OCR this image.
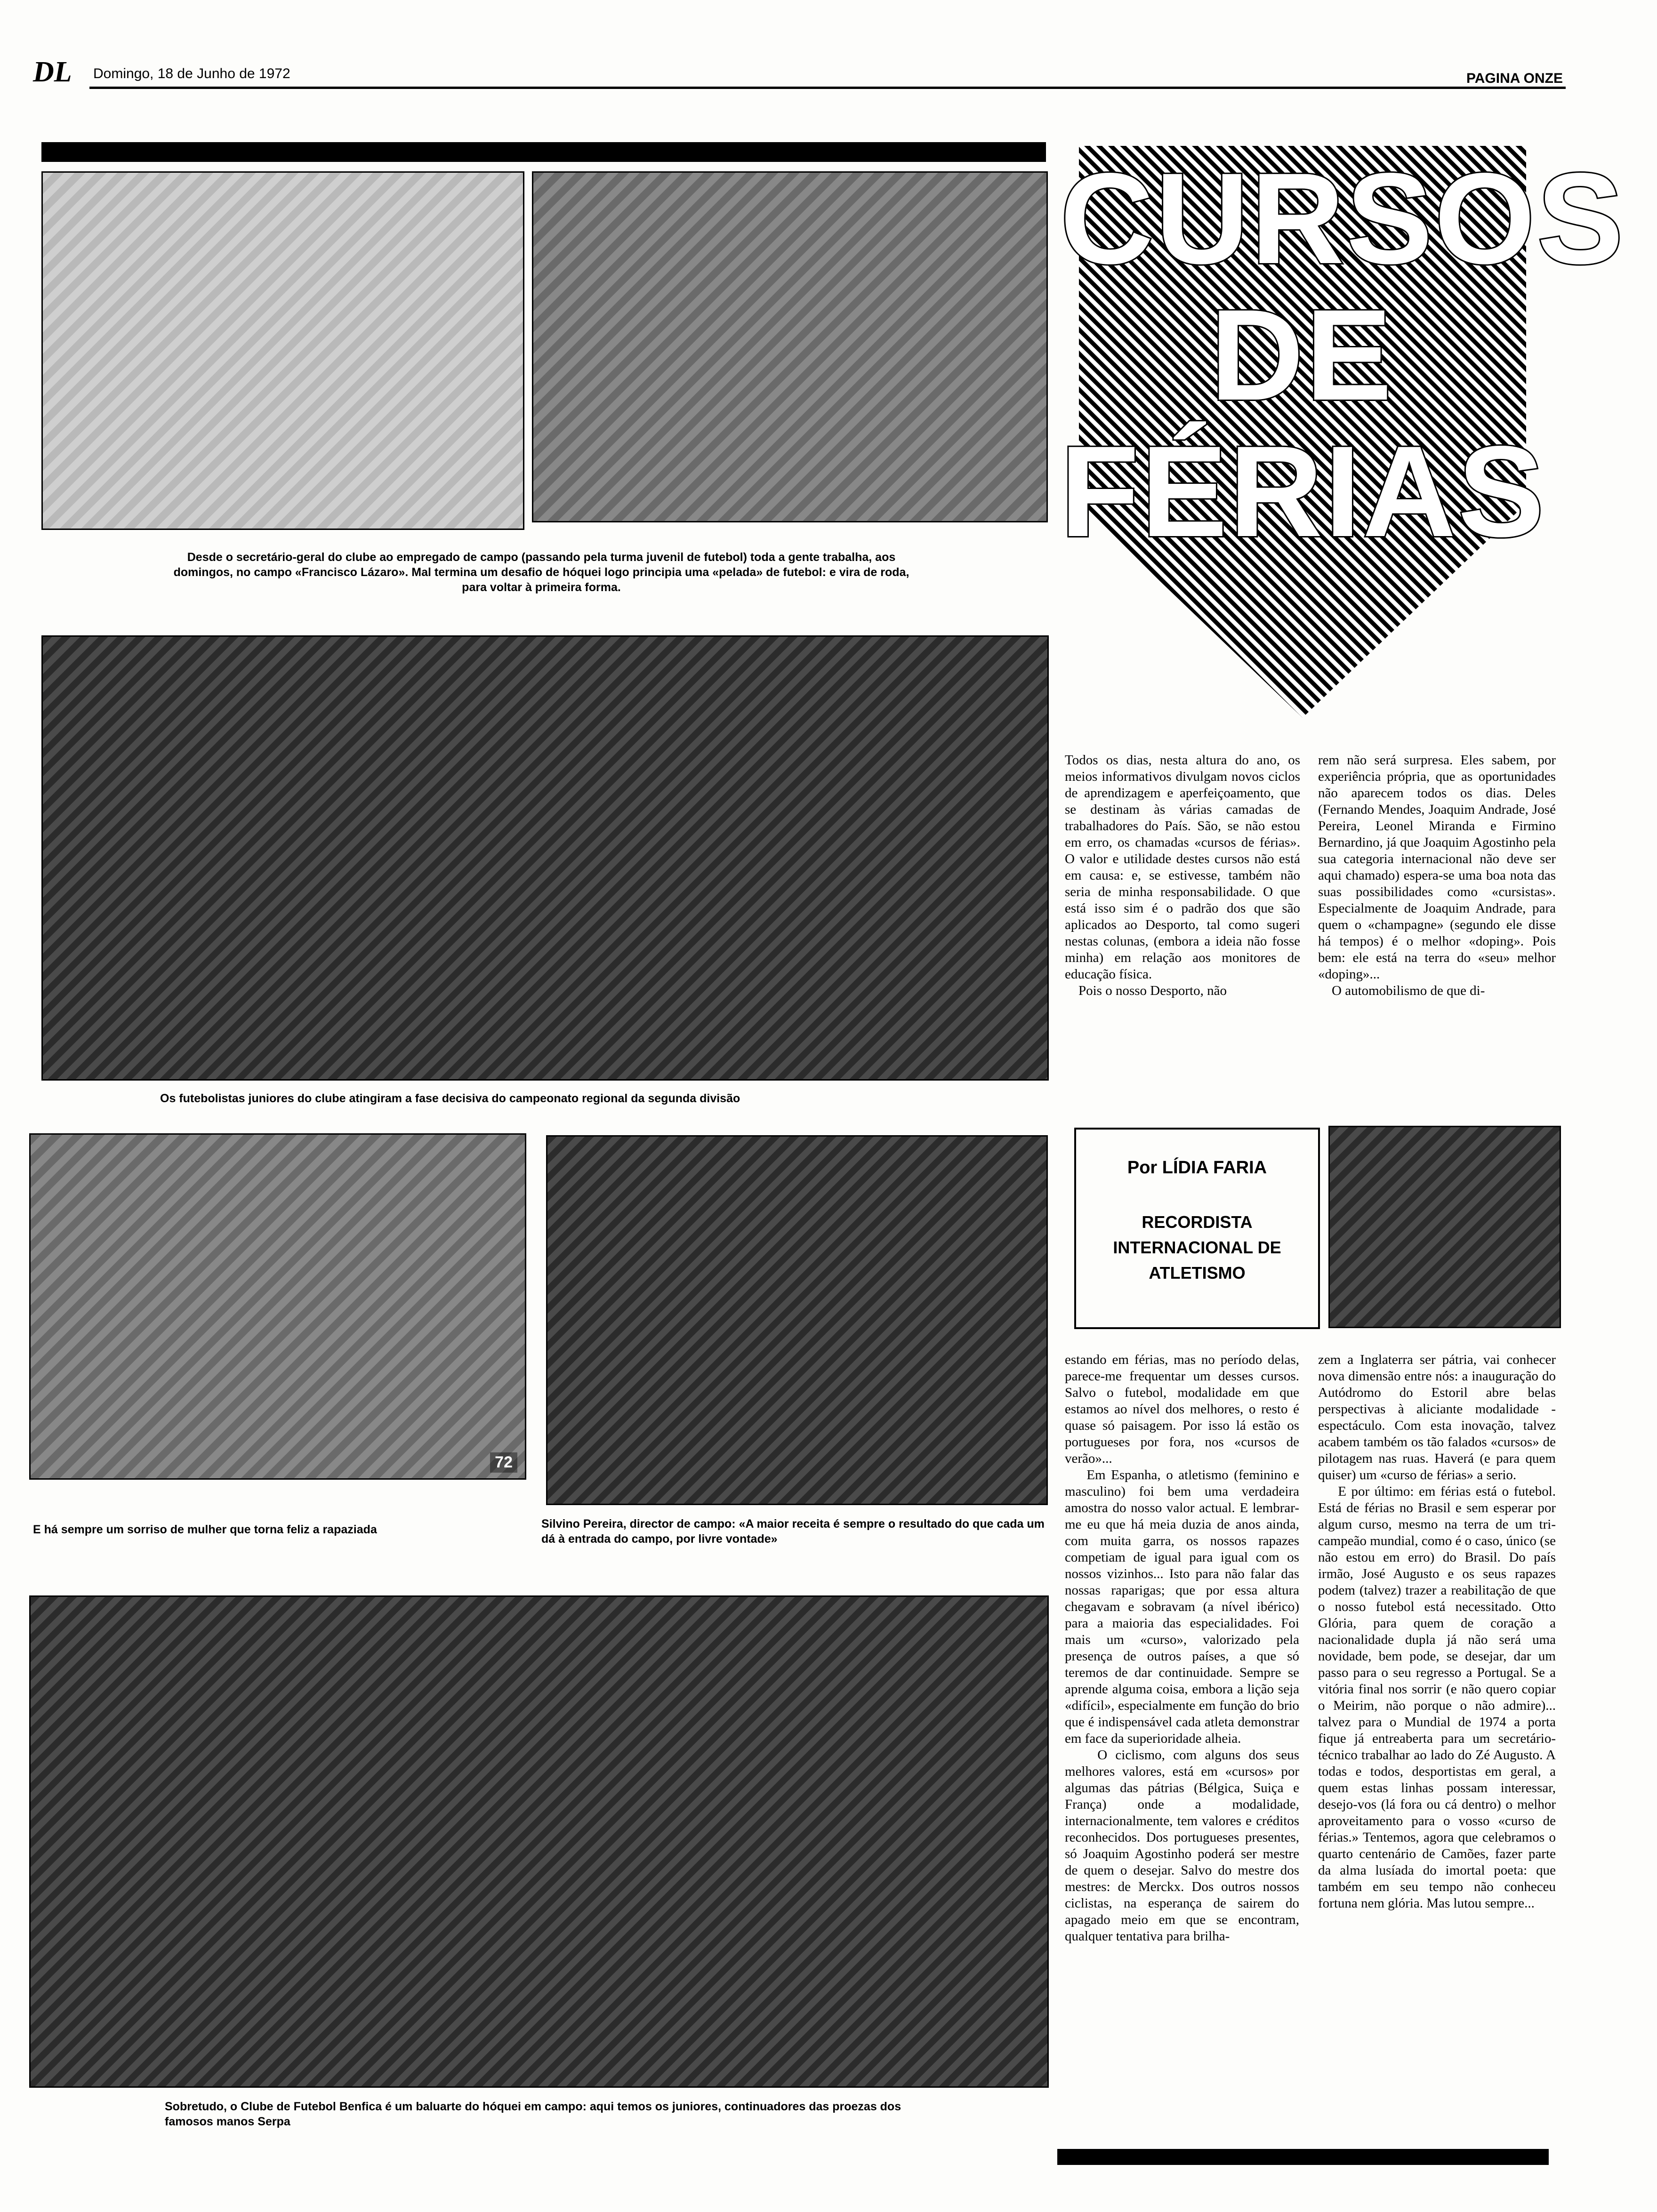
DL Domingo, 18 de Junho de 1972	PAGINA ONZE
Desde o secretário-geral do clube ao empregado de campo (passando pela turma juvenil de futebol) toda a gente trabalha, aos domingos, no campo «Francisco Lázaro». Mal termina um desafio de hóquei logo principia uma «pelada» de futebol: e vira de roda, para voltar à primeira forma.
Os futebolistas juniores do clube atingiram a fase decisiva do campeonato regional da segunda divisão
72
E há sempre um sorriso de mulher que torna feliz a rapaziada	Silvino Pereira, director de campo: «A maior receita é sempre o resultado do que cada um dá à entrada do campo, por livre vontade»
Sobretudo, o Clube de Futebol Benfica é um baluarte do hóquei em campo: aqui temos os juniores, continuadores das proezas dos famosos manos Serpa
CURSOS
DE
FÉRIAS
Todos os dias, nesta altura do ano, os meios informativos divulgam novos ciclos de aprendizagem e aperfeiçoamento, que se destinam às várias camadas de trabalhadores do País. São, se não estou em erro, os chamadas «cursos de férias». O valor e utilidade destes cursos não está em causa: e, se estivesse, também não seria de minha responsabilidade. O que está isso sim é o padrão dos que são aplicados ao Desporto, tal como sugeri nestas colunas, (embora a ideia não fosse minha) em relação aos monitores de educação física.
Pois o nosso Desporto, não
rem não será surpresa. Eles sabem, por experiência própria, que as oportunidades não aparecem todos os dias. Deles (Fernando Mendes, Joaquim Andrade, José Pereira, Leonel Miranda e Firmino Bernardino, já que Joaquim Agostinho pela sua categoria internacional não deve ser aqui chamado) espera-se uma boa nota das suas possibilidades como «cursistas». Especialmente de Joaquim Andrade, para quem o «champagne» (segundo ele disse há tempos) é o melhor «doping». Pois bem: ele está na terra do «seu» melhor «doping»...
O automobilismo de que di-
Por LÍDIA FARIA
RECORDISTA INTERNACIONAL DE ATLETISMO
estando em férias, mas no período delas, parece-me frequentar um desses cursos. Salvo o futebol, modalidade em que estamos ao nível dos melhores, o resto é quase só paisagem. Por isso lá estão os portugueses por fora, nos «cursos de verão»...
Em Espanha, o atletismo (feminino e masculino) foi bem uma verdadeira amostra do nosso valor actual. E lembrar-me eu que há meia duzia de anos ainda, com muita garra, os nossos rapazes competiam de igual para igual com os nossos vizinhos... Isto para não falar das nossas raparigas; que por essa altura chegavam e sobravam (a nível ibérico) para a maioria das especialidades. Foi mais um «curso», valorizado pela presença de outros países, a que só teremos de dar continuidade. Sempre se aprende alguma coisa, embora a lição seja «difícil», especialmente em função do brio que é indispensável cada atleta demonstrar em face da superioridade alheia.
O ciclismo, com alguns dos seus melhores valores, está em «cursos» por algumas das pátrias (Bélgica, Suiça e França) onde a modalidade, internacionalmente, tem valores e créditos reconhecidos. Dos portugueses presentes, só Joaquim Agostinho poderá ser mestre de quem o desejar. Salvo do mestre dos mestres: de Merckx. Dos outros nossos ciclistas, na esperança de sairem do apagado meio em que se encontram, qualquer tentativa para brilha-
zem a Inglaterra ser pátria, vai conhecer nova dimensão entre nós: a inauguração do Autódromo do Estoril abre belas perspectivas à aliciante modalidade - espectáculo. Com esta inovação, talvez acabem também os tão falados «cursos» de pilotagem nas ruas. Haverá (e para quem quiser) um «curso de férias» a serio.
E por último: em férias está o futebol. Está de férias no Brasil e sem esperar por algum curso, mesmo na terra de um tri-campeão mundial, como é o caso, único (se não estou em erro) do Brasil. Do país irmão, José Augusto e os seus rapazes podem (talvez) trazer a reabilitação de que o nosso futebol está necessitado. Otto Glória, para quem de coração a nacionalidade dupla já não será uma novidade, bem pode, se desejar, dar um passo para o seu regresso a Portugal. Se a vitória final nos sorrir (e não quero copiar o Meirim, não porque o não admire)... talvez para o Mundial de 1974 a porta fique já entreaberta para um secretário-técnico trabalhar ao lado do Zé Augusto. A todas e todos, desportistas em geral, a quem estas linhas possam interessar, desejo-vos (lá fora ou cá dentro) o melhor aproveitamento para o vosso «curso de férias.» Tentemos, agora que celebramos o quarto centenário de Camões, fazer parte da alma lusíada do imortal poeta: que também em seu tempo não conheceu fortuna nem glória. Mas lutou sempre...
